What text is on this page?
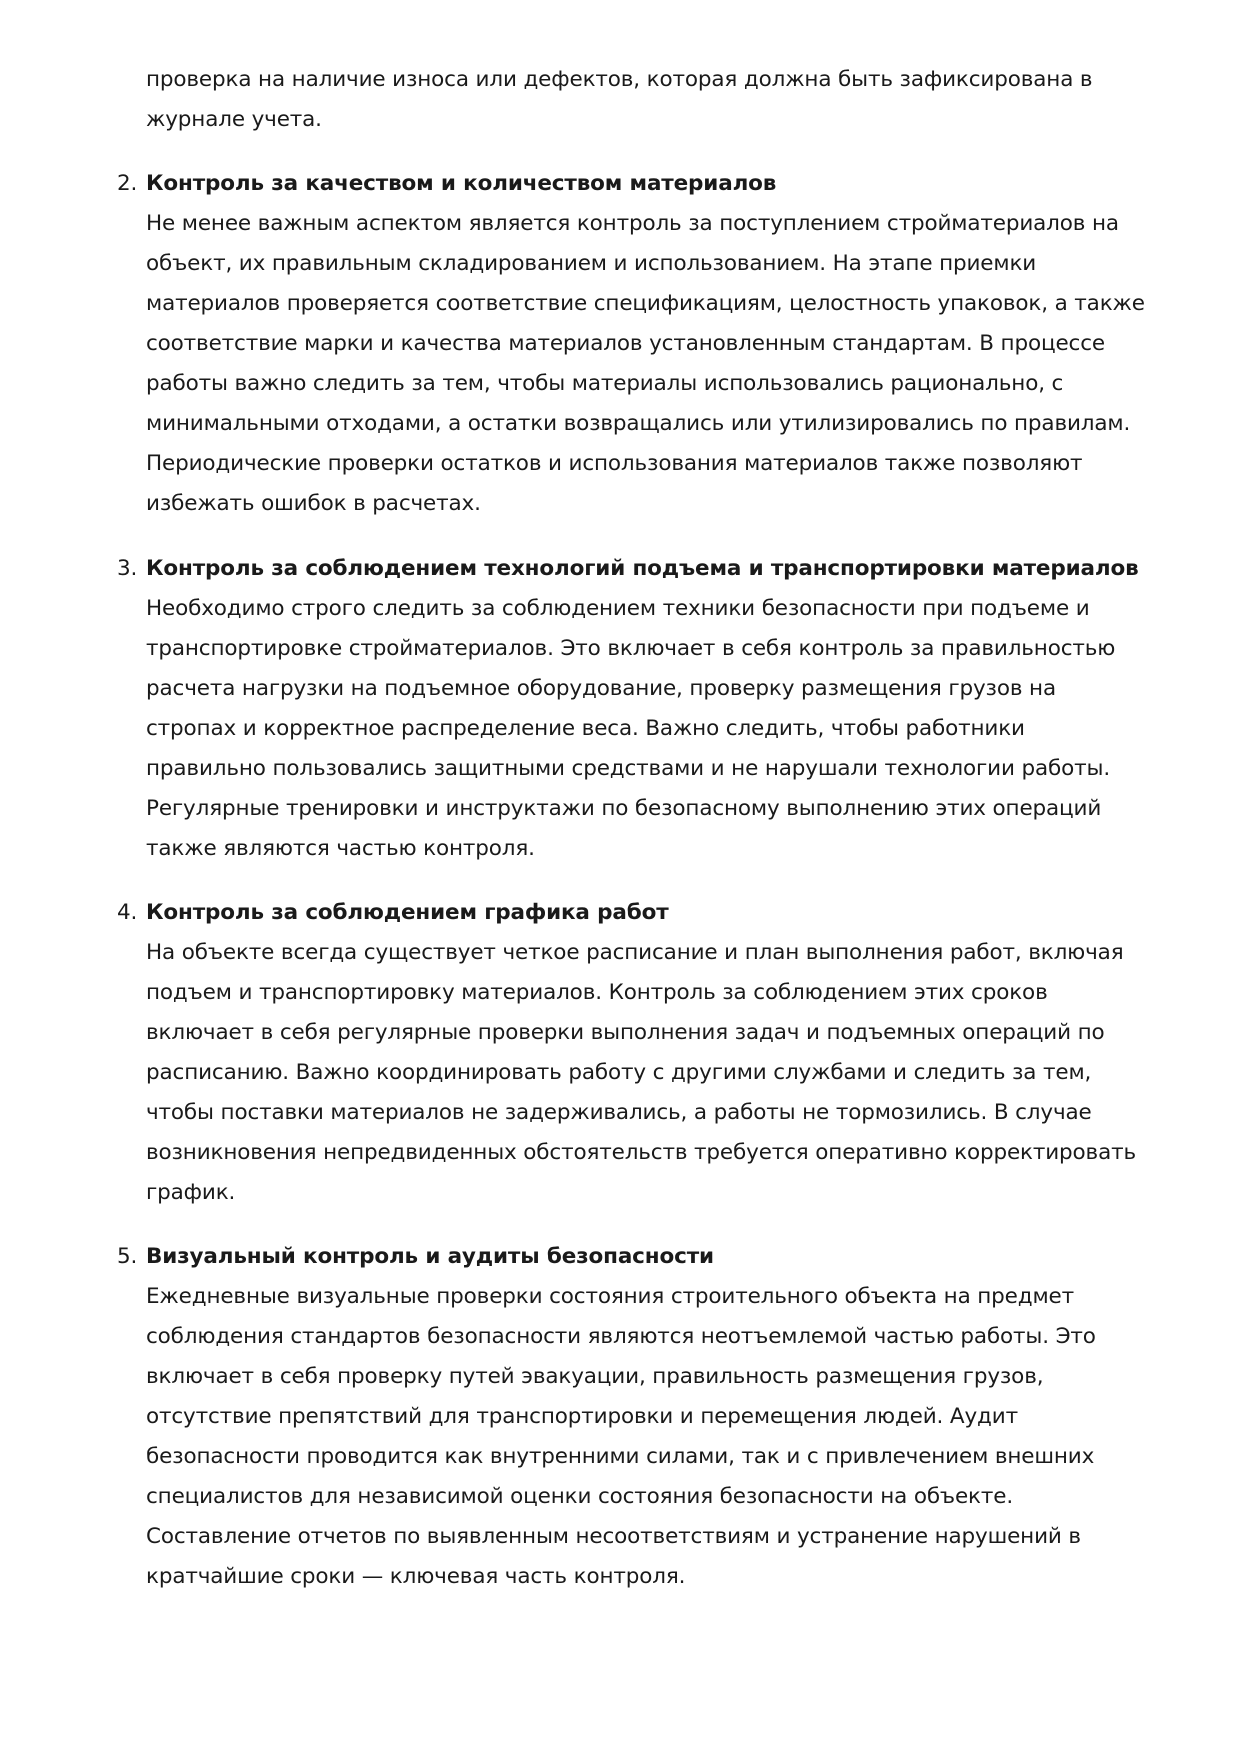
проверка на наличие износа или дефектов, которая должна быть зафиксирована в
журнале учета.
2. Контроль за качеством и количеством материалов
Не менее важным аспектом является контроль за поступлением стройматериалов на
объект, их правильным складированием и использованием. На этапе приемки
материалов проверяется соответствие спецификациям, целостность упаковок, а также
соответствие марки и качества материалов установленным стандартам. В процессе
работы важно следить за тем, чтобы материалы использовались рационально, с
минимальными отходами, а остатки возвращались или утилизировались по правилам.
Периодические проверки остатков и использования материалов также позволяют
избежать ошибок в расчетах.
3. Контроль за соблюдением технологий подъема и транспортировки материалов
Необходимо строго следить за соблюдением техники безопасности при подъеме и
транспортировке стройматериалов. Это включает в себя контроль за правильностью
расчета нагрузки на подъемное оборудование, проверку размещения грузов на
стропах и корректное распределение веса. Важно следить, чтобы работники
правильно пользовались защитными средствами и не нарушали технологии работы.
Регулярные тренировки и инструктажи по безопасному выполнению этих операций
также являются частью контроля.
4. Контроль за соблюдением графика работ
На объекте всегда существует четкое расписание и план выполнения работ, включая
подъем и транспортировку материалов. Контроль за соблюдением этих сроков
включает в себя регулярные проверки выполнения задач и подъемных операций по
расписанию. Важно координировать работу с другими службами и следить за тем,
чтобы поставки материалов не задерживались, а работы не тормозились. В случае
возникновения непредвиденных обстоятельств требуется оперативно корректировать
график.
5. Визуальный контроль и аудиты безопасности
Ежедневные визуальные проверки состояния строительного объекта на предмет
соблюдения стандартов безопасности являются неотъемлемой частью работы. Это
включает в себя проверку путей эвакуации, правильность размещения грузов,
отсутствие препятствий для транспортировки и перемещения людей. Аудит
безопасности проводится как внутренними силами, так и с привлечением внешних
специалистов для независимой оценки состояния безопасности на объекте.
Составление отчетов по выявленным несоответствиям и устранение нарушений в
кратчайшие сроки — ключевая часть контроля.
